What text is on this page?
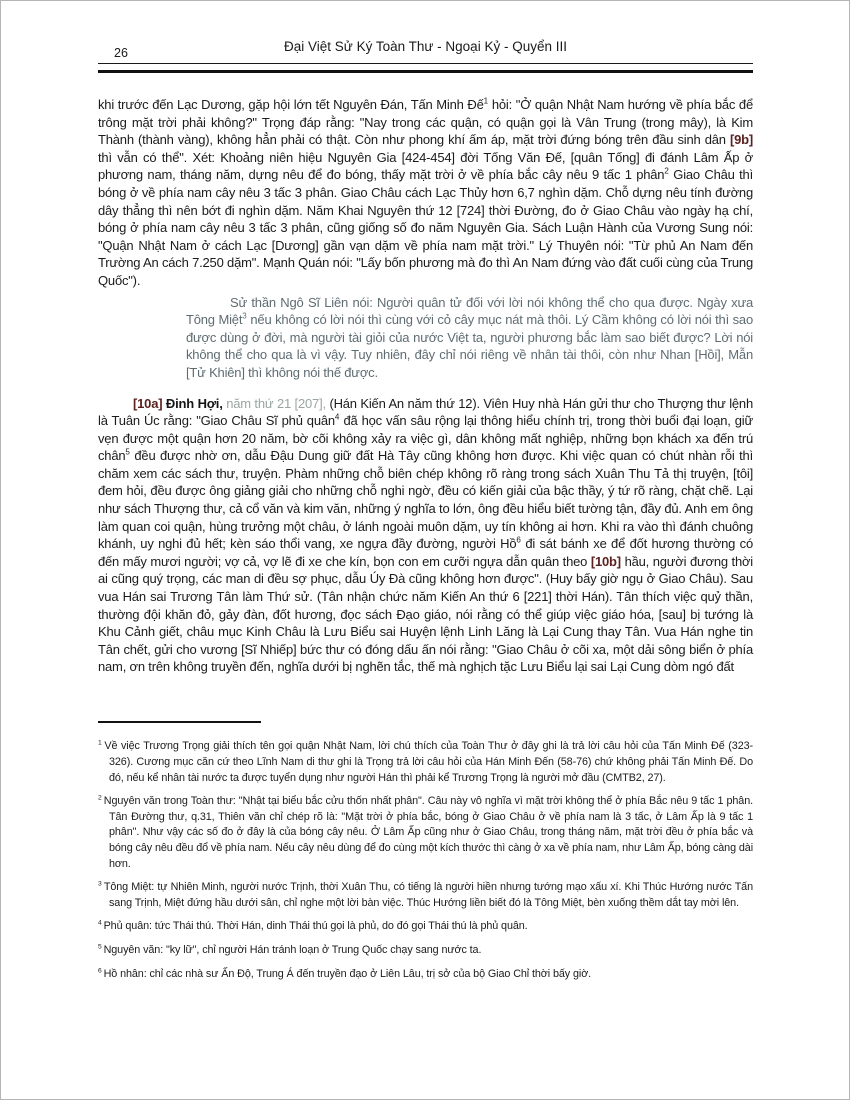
26	Đại Việt Sử Ký Toàn Thư - Ngoại Kỷ - Quyển III

khi trước đến Lạc Dương, gặp hội lớn tết Nguyên Đán, Tấn Minh Đế$^1$ hỏi: "Ở quận Nhật Nam hướng về phía bắc để trông mặt trời phải không?" Trọng đáp rằng: "Nay trong các quận, có quận gọi là Vân Trung (trong mây), là Kim Thành (thành vàng), không hẳn phải có thật. Còn như phong khí ấm áp, mặt trời đứng bóng trên đầu sinh dân [9b] thì vẫn có thể". Xét: Khoảng niên hiệu Nguyên Gia [424-454] đời Tống Văn Đế, [quân Tống] đi đánh Lâm Ấp ở phương nam, tháng năm, dựng nêu để đo bóng, thấy mặt trời ở về phía bắc cây nêu 9 tấc 1 phân$^2$ Giao Châu thì bóng ở về phía nam cây nêu 3 tấc 3 phân. Giao Châu cách Lạc Thủy hơn 6,7 nghìn dặm. Chỗ dựng nêu tính đường dây thẳng thì nên bớt đi nghìn dặm. Năm Khai Nguyên thứ 12 [724] thời Đường, đo ở Giao Châu vào ngày hạ chí, bóng ở phía nam cây nêu 3 tấc 3 phân, cũng giống số đo năm Nguyên Gia. Sách Luận Hành của Vương Sung nói: "Quận Nhật Nam ở cách Lạc [Dương] gần vạn dặm về phía nam mặt trời." Lý Thuyên nói: "Từ phủ An Nam đến Trường An cách 7.250 dặm". Mạnh Quán nói: "Lấy bốn phương mà đo thì An Nam đứng vào đất cuối cùng của Trung Quốc").

Sử thần Ngô Sĩ Liên nói: Người quân tử đối với lời nói không thể cho qua được. Ngày xưa Tông Miệt$^3$ nếu không có lời nói thì cùng với cỏ cây mục nát mà thôi. Lý Cầm không có lời nói thì sao được dùng ở đời, mà người tài giỏi của nước Việt ta, người phương bắc làm sao biết được? Lời nói không thể cho qua là vì vậy. Tuy nhiên, đây chỉ nói riêng về nhân tài thôi, còn như Nhan [Hồi], Mẫn [Tử Khiên] thì không nói thế được.

[10a] Đinh Hợi, năm thứ 21 [207], (Hán Kiến An năm thứ 12). Viên Huy nhà Hán gửi thư cho Thượng thư lệnh là Tuân Úc rằng: "Giao Châu Sĩ phủ quân$^4$ đã học vấn sâu rộng lại thông hiểu chính trị, trong thời buổi đại loạn, giữ vẹn được một quận hơn 20 năm, bờ cõi không xảy ra việc gì, dân không mất nghiệp, những bọn khách xa đến trú chân$^5$ đều được nhờ ơn, dẫu Đậu Dung giữ đất Hà Tây cũng không hơn được. Khi việc quan có chút nhàn rỗi thì chăm xem các sách thư, truyện. Phàm những chỗ biên chép không rõ ràng trong sách Xuân Thu Tả thị truyện, [tôi] đem hỏi, đều được ông giảng giải cho những chỗ nghi ngờ, đều có kiến giải của bậc thầy, ý tứ rõ ràng, chặt chẽ. Lại như sách Thượng thư, cả cổ văn và kim văn, những ý nghĩa to lớn, ông đều hiểu biết tường tận, đầy đủ. Anh em ông làm quan coi quận, hùng trưởng một châu, ở lánh ngoài muôn dặm, uy tín không ai hơn. Khi ra vào thì đánh chuông khánh, uy nghi đủ hết; kèn sáo thổi vang, xe ngựa đầy đường, người Hồ$^6$ đi sát bánh xe để đốt hương thường có đến mấy mươi người; vợ cả, vợ lẽ đi xe che kín, bọn con em cưỡi ngựa dẫn quân theo [10b] hầu, người đương thời ai cũng quý trọng, các man di đều sợ phục, dẫu Úy Đà cũng không hơn được". (Huy bấy giờ ngụ ở Giao Châu). Sau vua Hán sai Trương Tân làm Thứ sử. (Tân nhận chức năm Kiến An thứ 6 [221] thời Hán). Tân thích việc quỷ thần, thường đội khăn đỏ, gảy đàn, đốt hương, đọc sách Đạo giáo, nói rằng có thể giúp việc giáo hóa, [sau] bị tướng là Khu Cảnh giết, châu mục Kinh Châu là Lưu Biểu sai Huyện lệnh Linh Lăng là Lại Cung thay Tân. Vua Hán nghe tin Tân chết, gửi cho vương [Sĩ Nhiếp] bức thư có đóng dấu ấn nói rằng: "Giao Châu ở cõi xa, một dải sông biển ở phía nam, ơn trên không truyền đến, nghĩa dưới bị nghẽn tắc, thế mà nghịch tặc Lưu Biểu lại sai Lại Cung dòm ngó đất

$^1$ Về việc Trương Trọng giải thích tên gọi quận Nhật Nam, lời chú thích của Toàn Thư ở đây ghi là trả lời câu hỏi của Tấn Minh Đế (323-326). Cương mục căn cứ theo Lĩnh Nam di thư ghi là Trọng trả lời câu hỏi của Hán Minh Đến (58-76) chứ không phải Tấn Minh Đế. Do đó, nếu kể nhân tài nước ta được tuyển dụng như người Hán thì phải kể Trương Trọng là người mở đầu (CMTB2, 27).
$^2$ Nguyên văn trong Toàn thư: "Nhật tại biểu bắc cửu thốn nhất phân". Câu này vô nghĩa vì mặt trời không thể ở phía Bắc nêu 9 tấc 1 phân. Tân Đường thư, q.31, Thiên văn chỉ chép rõ là: "Mặt trời ở phía bắc, bóng ở Giao Châu ở về phía nam là 3 tấc, ở Lâm Ấp là 9 tấc 1 phân". Như vậy các số đo ở đây là của bóng cây nêu. Ở Lâm Ấp cũng như ở Giao Châu, trong tháng năm, mặt trời đều ở phía bắc và bóng cây nêu đều đổ về phía nam. Nếu cây nêu dùng để đo cùng một kích thước thì càng ở xa về phía nam, như Lâm Ấp, bóng càng dài hơn.
$^3$ Tông Miệt: tự Nhiên Minh, người nước Trịnh, thời Xuân Thu, có tiếng là người hiền nhưng tướng mạo xấu xí. Khi Thúc Hướng nước Tấn sang Trịnh, Miệt đứng hầu dưới sân, chỉ nghe một lời bàn việc. Thúc Hướng liền biết đó là Tông Miệt, bèn xuống thềm dắt tay mời lên.
$^4$ Phủ quân: tức Thái thú. Thời Hán, dinh Thái thú gọi là phủ, do đó gọi Thái thú là phủ quân.
$^5$ Nguyên văn: "ky lữ", chỉ người Hán tránh loạn ở Trung Quốc chạy sang nước ta.
$^6$ Hồ nhân: chỉ các nhà sư Ấn Độ, Trung Á đến truyền đạo ở Liên Lâu, trị sở của bộ Giao Chỉ thời bấy giờ.
